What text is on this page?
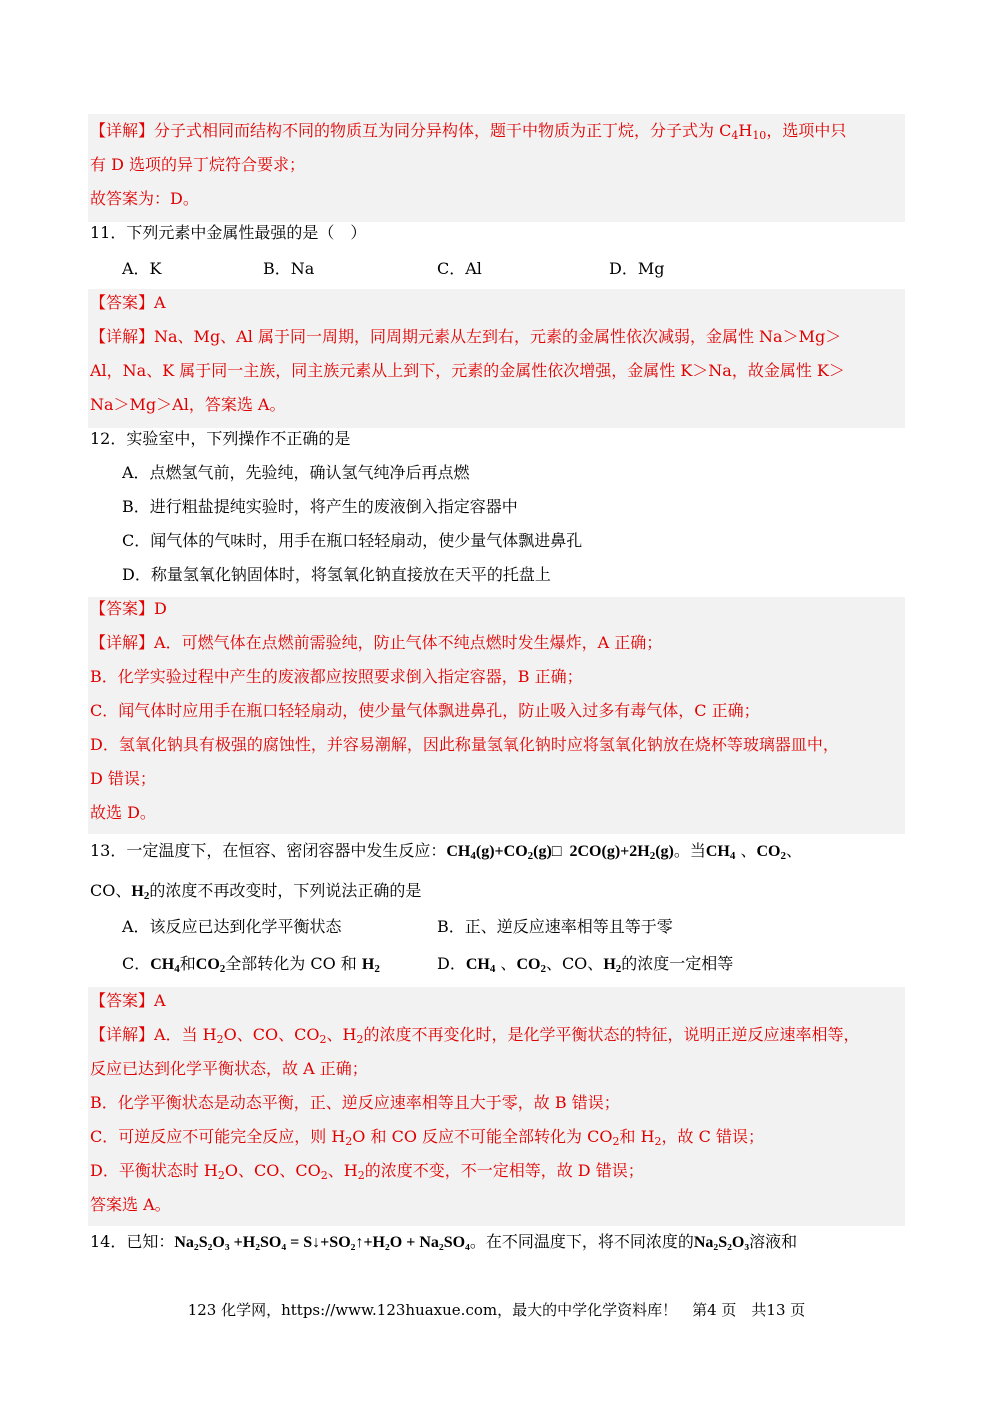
【详解】分子式相同而结构不同的物质互为同分异构体，题干中物质为正丁烷，分子式为 $C_4H_{10}$，选项中只
有 D 选项的异丁烷符合要求；
故答案为：D。
11．下列元素中金属性最强的是（　）
A．K	B．Na	C．Al	D．Mg
【答案】A
【详解】Na、Mg、Al 属于同一周期，同周期元素从左到右，元素的金属性依次减弱，金属性 Na＞Mg＞
Al，Na、K 属于同一主族，同主族元素从上到下，元素的金属性依次增强，金属性 K＞Na，故金属性 K＞
Na＞Mg＞Al，答案选 A。
12．实验室中，下列操作不正确的是
A．点燃氢气前，先验纯，确认氢气纯净后再点燃
B．进行粗盐提纯实验时，将产生的废液倒入指定容器中
C．闻气体的气味时，用手在瓶口轻轻扇动，使少量气体飘进鼻孔
D．称量氢氧化钠固体时，将氢氧化钠直接放在天平的托盘上
【答案】D
【详解】A．可燃气体在点燃前需验纯，防止气体不纯点燃时发生爆炸，A 正确；
B．化学实验过程中产生的废液都应按照要求倒入指定容器，B 正确；
C．闻气体时应用手在瓶口轻轻扇动，使少量气体飘进鼻孔，防止吸入过多有毒气体，C 正确；
D．氢氧化钠具有极强的腐蚀性，并容易潮解，因此称量氢氧化钠时应将氢氧化钠放在烧杯等玻璃器皿中，
D 错误；
故选 D。
13．一定温度下，在恒容、密闭容器中发生反应：$CH_4(g)+CO_2(g)□$ $2CO(g)+2H_2(g)$。当$CH_4$ 、$CO_2$、
CO、$H_2$的浓度不再改变时，下列说法正确的是
A．该反应已达到化学平衡状态	B．正、逆反应速率相等且等于零
C．$CH_4$和$CO_2$全部转化为 CO 和 $H_2$	D．$CH_4$ 、$CO_2$、CO、$H_2$的浓度一定相等
【答案】A
【详解】A．当 $H_2O$、CO、$CO_2$、$H_2$的浓度不再变化时，是化学平衡状态的特征，说明正逆反应速率相等，
反应已达到化学平衡状态，故 A 正确；
B．化学平衡状态是动态平衡，正、逆反应速率相等且大于零，故 B 错误；
C．可逆反应不可能完全反应，则 $H_2O$ 和 CO 反应不可能全部转化为 $CO_2$和 $H_2$，故 C 错误；
D．平衡状态时 $H_2O$、CO、$CO_2$、$H_2$的浓度不变，不一定相等，故 D 错误；
答案选 A。
14．已知：Na₂S₂O₃ +H₂SO₄ = S↓+SO₂↑+H₂O + Na₂SO₄。在不同温度下，将不同浓度的Na₂S₂O₃溶液和
123 化学网，https://www.123huaxue.com，最大的中学化学资料库！　第4 页　共13 页
